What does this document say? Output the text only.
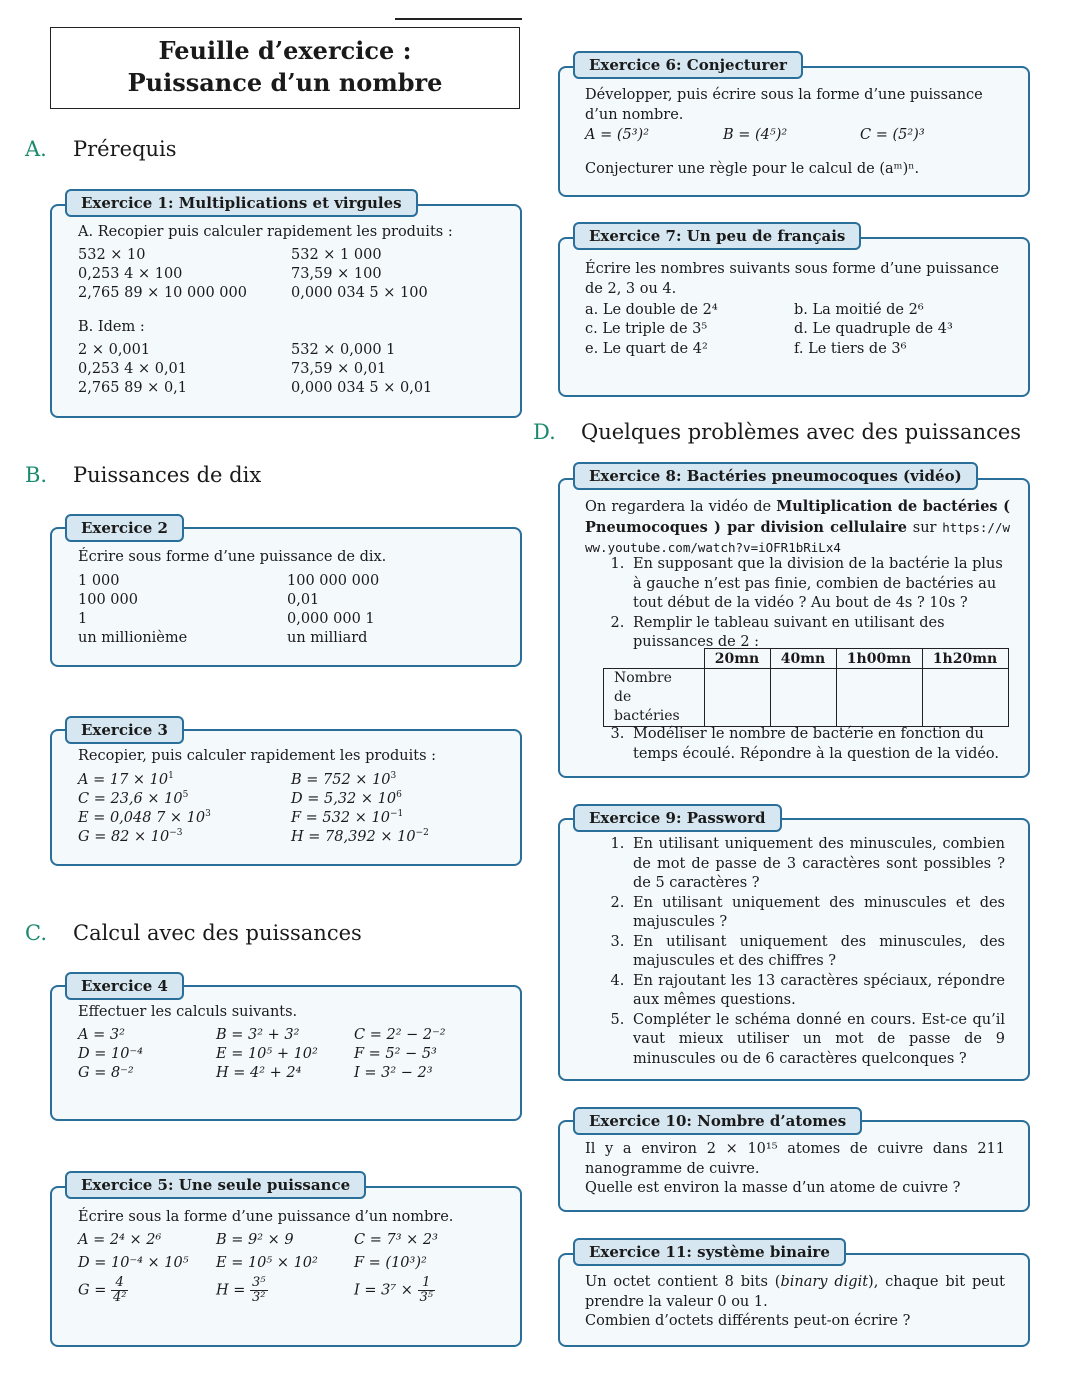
Feuille d’exercice :
Puissance d’un nombre
A. Prérequis
Exercice 1: Multiplications et virgules
A. Recopier puis calculer rapidement les produits :
532 × 10	532 × 1 000
0,253 4 × 100	73,59 × 100
2,765 89 × 10 000 000	0,000 034 5 × 100
B. Idem :
2 × 0,001	532 × 0,000 1
0,253 4 × 0,01	73,59 × 0,01
2,765 89 × 0,1	0,000 034 5 × 0,01
B. Puissances de dix
Exercice 2
Écrire sous forme d’une puissance de dix.
1 000	100 000 000
100 000	0,01
1	0,000 000 1
un millionième	un milliard
Exercice 3
Recopier, puis calculer rapidement les produits :
$A = 17 \times 10^1$	$B = 752 \times 10^3$
$C = 23,6 \times 10^5$	$D = 5,32 \times 10^6$
E = 0,048 $7 \times 10^3$	$F = 532 \times 10^{-1}$
$G = 82 \times 10^{-3}$	$H = 78,392 \times 10^{-2}$
C. Calcul avec des puissances
Exercice 4
Effectuer les calculs suivants.
A = 3²	B = 3² + 3²	C = 2² − 2⁻²
D = 10⁻⁴	E = 10⁵ + 10² F = 5² − 5³
G = 8⁻²	H = 4² + 2⁴	I = 3² − 2³
Exercice 5: Une seule puissance
Écrire sous la forme d’une puissance d’un nombre.
A = 2⁴ × 2⁶	B = 9² × 9	C = 7³ × 2³
D = 10⁻⁴ × 10⁵ E = 10⁵ × 10² F = (10³)²
$G = \frac{4}{\text{4²}}$	$H = \frac{\text{3⁵}}{\text{3²}}$	$I = 3^7 \times \frac{1}{\text{3⁵}}$
Exercice 6: Conjecturer
Développer, puis écrire sous la forme d’une puissance d’un nombre.
A = (5³)²	B = (4⁵)²	C = (5²)³
Conjecturer une règle pour le calcul de (aᵐ)ⁿ.
Exercice 7: Un peu de français
Écrire les nombres suivants sous forme d’une puissance de 2, 3 ou 4.
a. Le double de 2⁴	b. La moitié de 2⁶
c. Le triple de 3⁵	d. Le quadruple de 4³
e. Le quart de 4²	f. Le tiers de 3⁶
D. Quelques problèmes avec des puissances
Exercice 8: Bactéries pneumocoques (vidéo)
On regardera la vidéo de Multiplication de bactéries ( Pneumocoques ) par division cellulaire sur https://www.youtube.com/watch?v=iOFR1bRiLx4
1. En supposant que la division de la bactérie la plus à gauche n’est pas finie, combien de bactéries au tout début de la vidéo ? Au bout de 4s ? 10s ?
2. Remplir le tableau suivant en utilisant des puissances de 2 :
	20mn	40mn	1h00mn	1h20mn
Nombre de bactéries				
3. Modéliser le nombre de bactérie en fonction du temps écoulé. Répondre à la question de la vidéo.
Exercice 9: Password
1. En utilisant uniquement des minuscules, combien de mot de passe de 3 caractères sont possibles ? de 5 caractères ?
2. En utilisant uniquement des minuscules et des majuscules ?
3. En utilisant uniquement des minuscules, des majuscules et des chiffres ?
4. En rajoutant les 13 caractères spéciaux, répondre aux mêmes questions.
5. Compléter le schéma donné en cours. Est-ce qu’il vaut mieux utiliser un mot de passe de 9 minuscules ou de 6 caractères quelconques ?
Exercice 10: Nombre d’atomes
Il y a environ 2 × 10¹⁵ atomes de cuivre dans 211 nanogramme de cuivre.
Quelle est environ la masse d’un atome de cuivre ?
Exercice 11: système binaire
Un octet contient 8 bits (binary digit), chaque bit peut prendre la valeur 0 ou 1.
Combien d’octets différents peut-on écrire ?
